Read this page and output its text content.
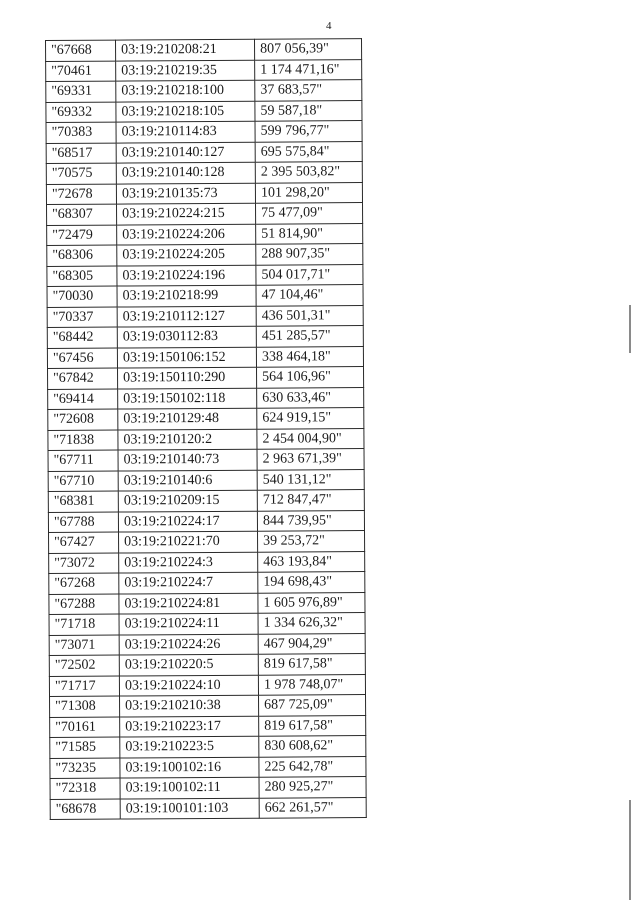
4
"67668	03:19:210208:21	807 056,39"
"70461	03:19:210219:35	1 174 471,16"
"69331	03:19:210218:100	37 683,57"
"69332	03:19:210218:105	59 587,18"
"70383	03:19:210114:83	599 796,77"
"68517	03:19:210140:127	695 575,84"
"70575	03:19:210140:128	2 395 503,82"
"72678	03:19:210135:73	101 298,20"
"68307	03:19:210224:215	75 477,09"
"72479	03:19:210224:206	51 814,90"
"68306	03:19:210224:205	288 907,35"
"68305	03:19:210224:196	504 017,71"
"70030	03:19:210218:99	47 104,46"
"70337	03:19:210112:127	436 501,31"
"68442	03:19:030112:83	451 285,57"
"67456	03:19:150106:152	338 464,18"
"67842	03:19:150110:290	564 106,96"
"69414	03:19:150102:118	630 633,46"
"72608	03:19:210129:48	624 919,15"
"71838	03:19:210120:2	2 454 004,90"
"67711	03:19:210140:73	2 963 671,39"
"67710	03:19:210140:6	540 131,12"
"68381	03:19:210209:15	712 847,47"
"67788	03:19:210224:17	844 739,95"
"67427	03:19:210221:70	39 253,72"
"73072	03:19:210224:3	463 193,84"
"67268	03:19:210224:7	194 698,43"
"67288	03:19:210224:81	1 605 976,89"
"71718	03:19:210224:11	1 334 626,32"
"73071	03:19:210224:26	467 904,29"
"72502	03:19:210220:5	819 617,58"
"71717	03:19:210224:10	1 978 748,07"
"71308	03:19:210210:38	687 725,09"
"70161	03:19:210223:17	819 617,58"
"71585	03:19:210223:5	830 608,62"
"73235	03:19:100102:16	225 642,78"
"72318	03:19:100102:11	280 925,27"
"68678	03:19:100101:103	662 261,57"
